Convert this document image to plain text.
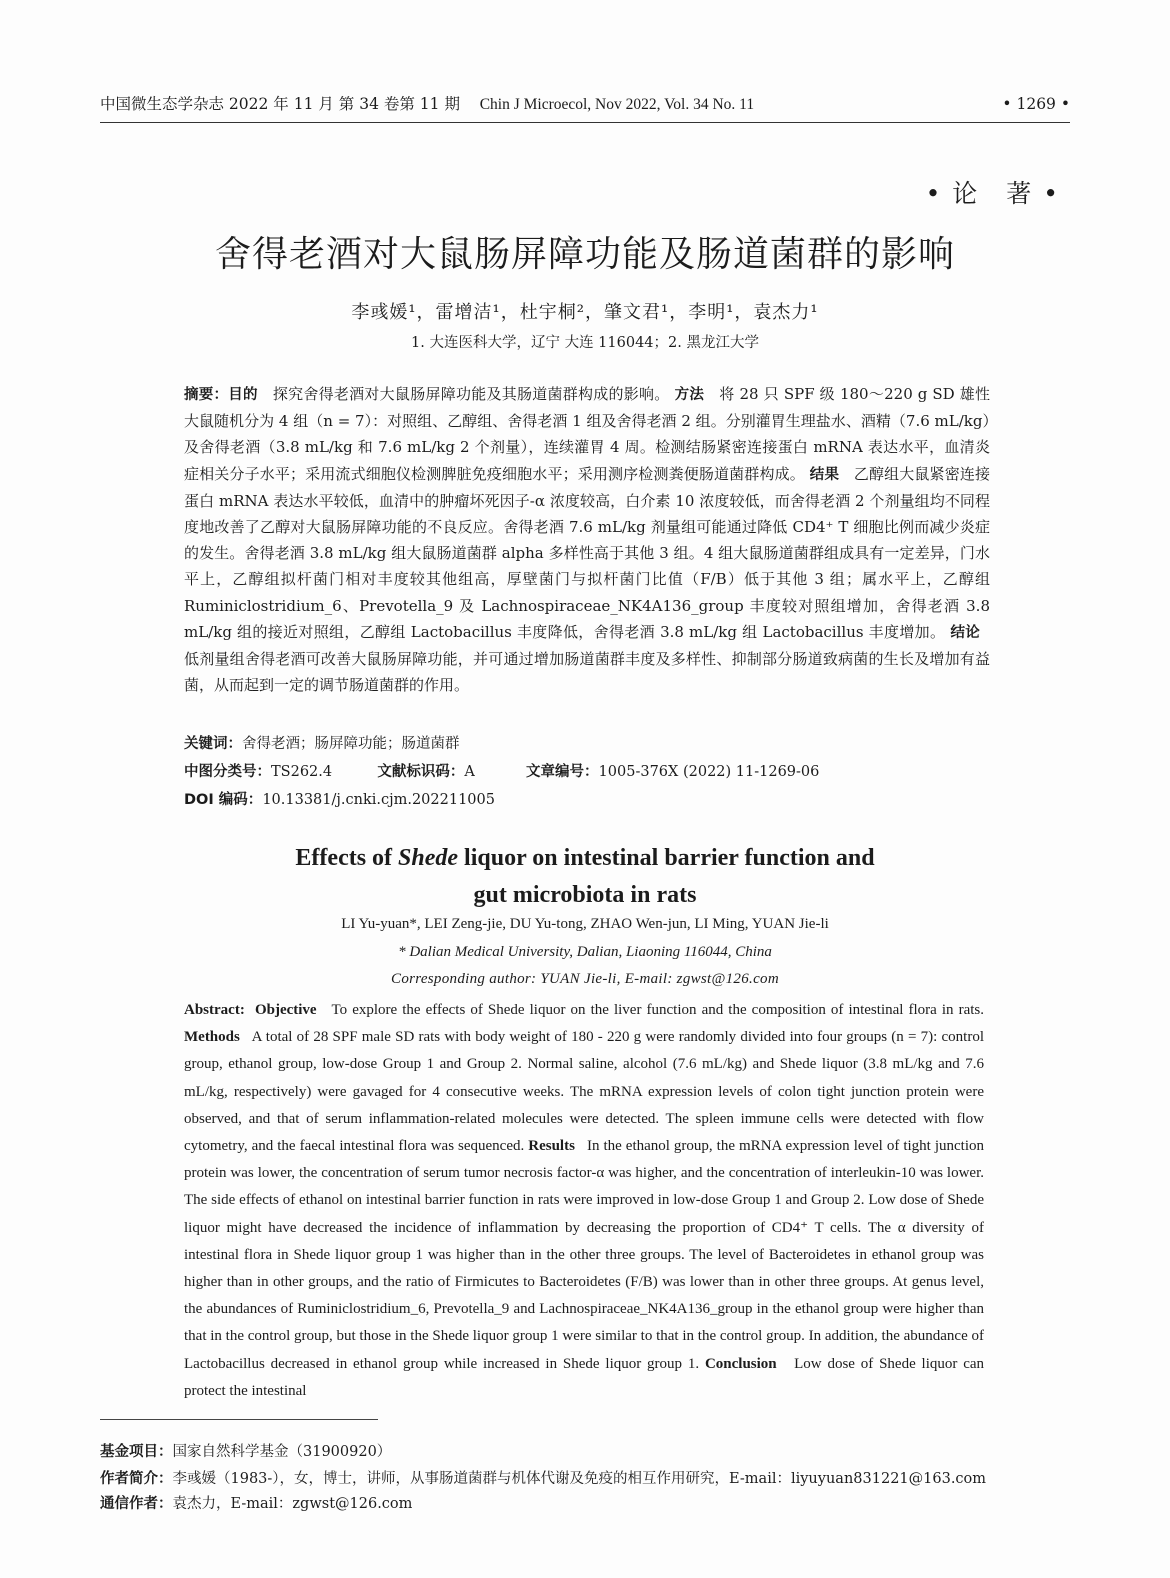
中国微生态学杂志 2022 年 11 月 第 34 卷第 11 期 Chin J Microecol, Nov 2022, Vol. 34 No. 11	• 1269 •
• 论　著 •
舍得老酒对大鼠肠屏障功能及肠道菌群的影响
李彧媛¹，雷增洁¹，杜宇桐²，肇文君¹，李明¹，袁杰力¹
1. 大连医科大学，辽宁 大连 116044；2. 黑龙江大学
摘要：目的 探究舍得老酒对大鼠肠屏障功能及其肠道菌群构成的影响。 方法 将 28 只 SPF 级 180～220 g SD 雄性大鼠随机分为 4 组（n = 7）：对照组、乙醇组、舍得老酒 1 组及舍得老酒 2 组。分别灌胃生理盐水、酒精（7.6 mL/kg）及舍得老酒（3.8 mL/kg 和 7.6 mL/kg 2 个剂量），连续灌胃 4 周。检测结肠紧密连接蛋白 mRNA 表达水平，血清炎症相关分子水平；采用流式细胞仪检测脾脏免疫细胞水平；采用测序检测粪便肠道菌群构成。 结果 乙醇组大鼠紧密连接蛋白 mRNA 表达水平较低，血清中的肿瘤坏死因子-α 浓度较高，白介素 10 浓度较低，而舍得老酒 2 个剂量组均不同程度地改善了乙醇对大鼠肠屏障功能的不良反应。舍得老酒 7.6 mL/kg 剂量组可能通过降低 CD4⁺ T 细胞比例而减少炎症的发生。舍得老酒 3.8 mL/kg 组大鼠肠道菌群 alpha 多样性高于其他 3 组。4 组大鼠肠道菌群组成具有一定差异，门水平上，乙醇组拟杆菌门相对丰度较其他组高，厚壁菌门与拟杆菌门比值（F/B）低于其他 3 组；属水平上，乙醇组 Ruminiclostridium_6、Prevotella_9 及 Lachnospiraceae_NK4A136_group 丰度较对照组增加，舍得老酒 3.8 mL/kg 组的接近对照组，乙醇组 Lactobacillus 丰度降低，舍得老酒 3.8 mL/kg 组 Lactobacillus 丰度增加。 结论   低剂量组舍得老酒可改善大鼠肠屏障功能，并可通过增加肠道菌群丰度及多样性、抑制部分肠道致病菌的生长及增加有益菌，从而起到一定的调节肠道菌群的作用。
关键词：舍得老酒；肠屏障功能；肠道菌群
中图分类号：TS262.4	文献标识码：A	文章编号：1005-376X (2022) 11-1269-06
DOI 编码：10.13381/j.cnki.cjm.202211005
Effects of Shede liquor on intestinal barrier function and
gut microbiota in rats
LI Yu-yuan*, LEI Zeng-jie, DU Yu-tong, ZHAO Wen-jun, LI Ming, YUAN Jie-li
* Dalian Medical University, Dalian, Liaoning 116044, China
Corresponding author: YUAN Jie-li, E-mail: zgwst@126.com
Abstract: Objective To explore the effects of Shede liquor on the liver function and the composition of intestinal flora in rats. Methods A total of 28 SPF male SD rats with body weight of 180 - 220 g were randomly divided into four groups (n = 7): control group, ethanol group, low-dose Group 1 and Group 2. Normal saline, alcohol (7.6 mL/kg) and Shede liquor (3.8 mL/kg and 7.6 mL/kg, respectively) were gavaged for 4 consecutive weeks. The mRNA expression levels of colon tight junction protein were observed, and that of serum inflammation-related molecules were detected. The spleen immune cells were detected with flow cytometry, and the faecal intestinal flora was sequenced. Results In the ethanol group, the mRNA expression level of tight junction protein was lower, the concentration of serum tumor necrosis factor-α was higher, and the concentration of interleukin-10 was lower. The side effects of ethanol on intestinal barrier function in rats were improved in low-dose Group 1 and Group 2. Low dose of Shede liquor might have decreased the incidence of inflammation by decreasing the proportion of CD4⁺ T cells. The α diversity of intestinal flora in Shede liquor group 1 was higher than in the other three groups. The level of Bacteroidetes in ethanol group was higher than in other groups, and the ratio of Firmicutes to Bacteroidetes (F/B) was lower than in other three groups. At genus level, the abundances of Ruminiclostridium_6, Prevotella_9 and Lachnospiraceae_NK4A136_group in the ethanol group were higher than that in the control group, but those in the Shede liquor group 1 were similar to that in the control group. In addition, the abundance of Lactobacillus decreased in ethanol group while increased in Shede liquor group 1. Conclusion Low dose of Shede liquor can protect the intestinal
基金项目：国家自然科学基金（31900920）
作者简介：李彧媛（1983-），女，博士，讲师，从事肠道菌群与机体代谢及免疫的相互作用研究，E-mail：liyuyuan831221@163.com
通信作者：袁杰力，E-mail：zgwst@126.com
